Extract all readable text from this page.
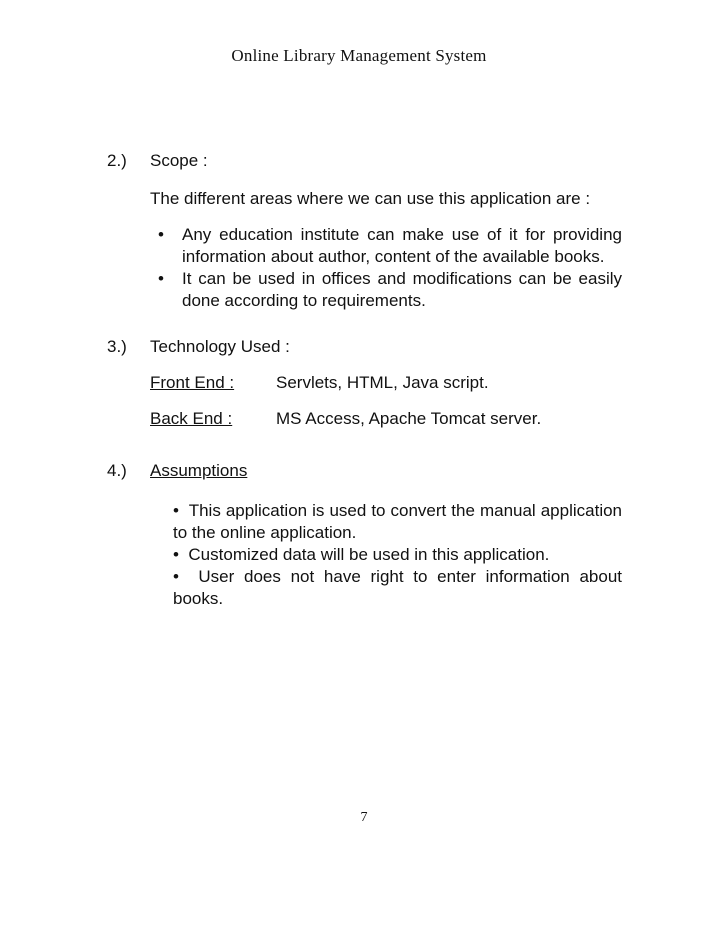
Online Library Management System
2.)	Scope :
The different areas where we can use this application are :
• Any education institute can make use of it for providing information about author, content of the available books.
• It can be used in offices and modifications can be easily done according to requirements.
3.)	Technology Used :
Front End :	Servlets, HTML, Java script.
Back End :	MS Access, Apache Tomcat server.
4.)	Assumptions

• This application is used to convert the manual application to the online application.

• Customized data will be used in this application.

• User does not have right to enter information about books.

7
